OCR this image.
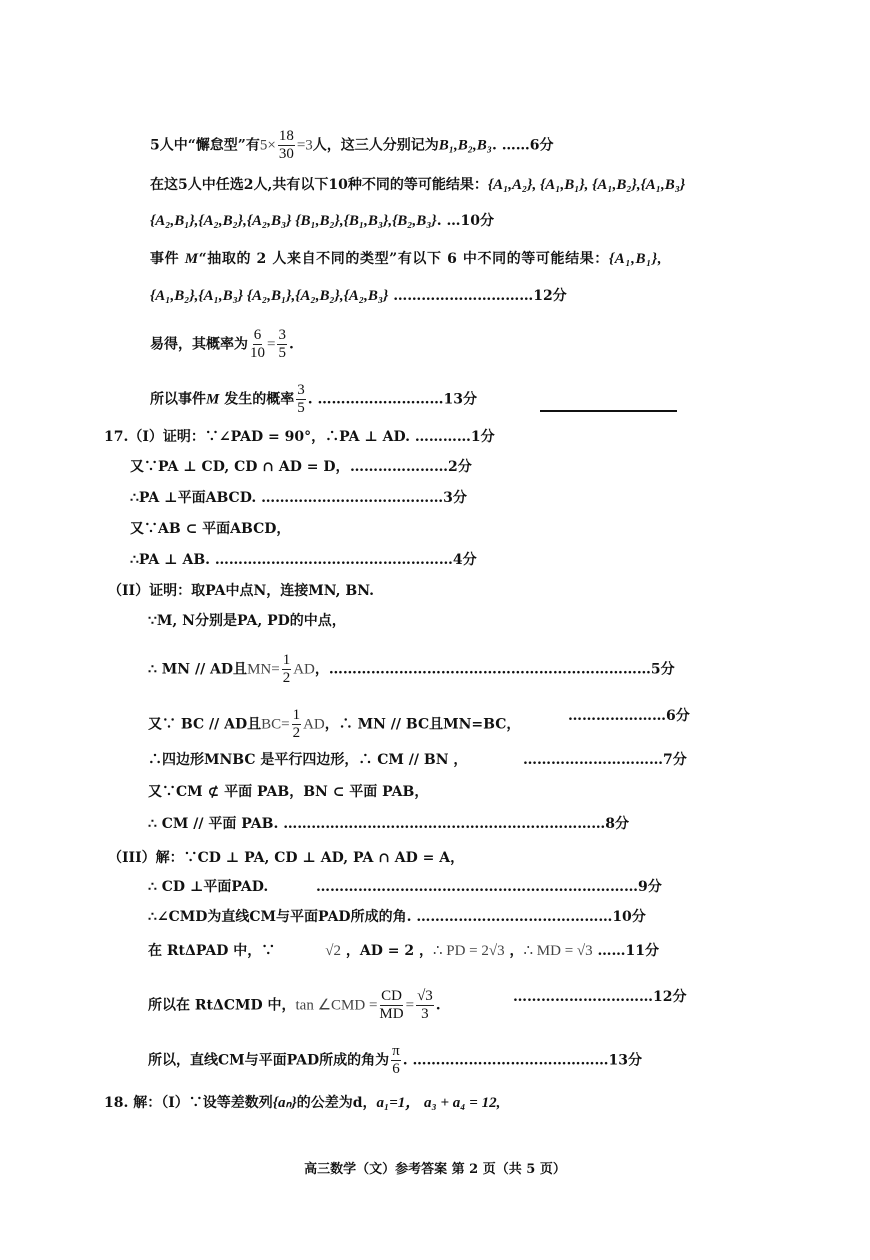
5人中“懈怠型”有$5\times \frac{18}{30} =3$人，这三人分别记为B₁,B₂,B₃. ……6分
在这5人中任选2人,共有以下10种不同的等可能结果：{A₁,A₂}, {A₁,B₁}, {A₁,B₂},{A₁,B₃}
{A₂,B₁},{A₂,B₂},{A₂,B₃} {B₁,B₂},{B₁,B₃},{B₂,B₃}. …10分
事件 M“抽取的 2 人来自不同的类型”有以下 6 中不同的等可能结果：{A₁,B₁},
{A₁,B₂},{A₁,B₃} {A₂,B₁},{A₂,B₂},{A₂,B₃} …………………………12分
易得，其概率为 $\frac{6}{10} = \frac{3}{5}$ .
所以事件M 发生的概率 $\frac{3}{5}$ . ………………………13分
17.（I）证明：∵∠PAD = 90°，∴PA ⊥ AD. …………1分
又∵PA ⊥ CD, CD ∩ AD = D， …………………2分
∴PA ⊥平面ABCD. …………………………………3分
又∵AB ⊂ 平面ABCD，
∴PA ⊥ AB. ……………………………………………4分
（II）证明：取PA中点N，连接MN, BN.
∵M, N分别是PA, PD的中点，
∴ MN // AD且$MN= \frac{1}{2}$ AD，……………………………………………………………5分
又∵ BC // AD且$BC= \frac{1}{2}$ AD，∴ MN // BC且MN=BC，
…………………6分
∴四边形MNBC 是平行四边形，∴ CM // BN ，	…………………………7分
又∵CM ⊄ 平面 PAB，BN ⊂ 平面 PAB，
∴ CM // 平面 PAB. ……………………………………………………………8分
（III）解：∵CD ⊥ PA, CD ⊥ AD, PA ∩ AD = A，
∴ CD ⊥平面PAD.	……………………………………………………………9分
∴∠CMD为直线CM与平面PAD所成的角. ……………………………………10分
在 RtΔPAD 中，∵	√2 ，AD = 2 ，∴ PD = 2√3 ，∴ MD = √3 ……11分
所以在 RtΔCMD 中，tan ∠CMD = $\frac{CD}{MD} = \frac{√3}{3}$ .
…………………………12分
所以，直线CM与平面PAD所成的角为 $\frac{\pi}{6}$ . ……………………………………13分
18. 解：（I）∵设等差数列{aₙ}的公差为d，a₁=1， a₃ + a₄ = 12,
高三数学（文）参考答案 第 2 页（共 5 页）
